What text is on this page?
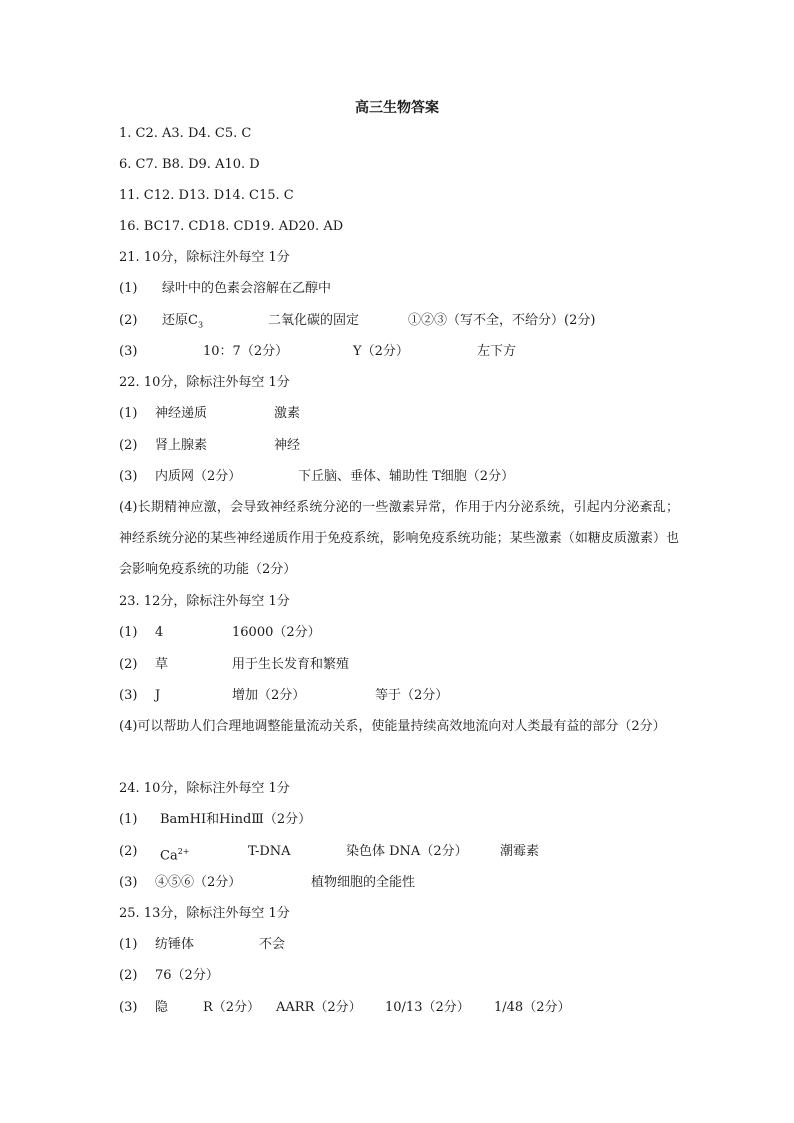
高三生物答案
1. C2. A3. D4. C5. C
6. C7. B8. D9. A10. D
11. C12. D13. D14. C15. C
16. BC17. CD18. CD19. AD20. AD
21. 10分，除标注外每空 1分
(1) 绿叶中的色素会溶解在乙醇中
(2) 还原$C_3$	二氧化碳的固定	①②③（写不全，不给分）(2分)
(3)	10：7（2分）	Y（2分）	左下方
22. 10分，除标注外每空 1分
(1) 神经递质	激素
(2) 肾上腺素	神经
(3) 内质网（2分）	下丘脑、垂体、辅助性 T细胞（2分）
(4)长期精神应激，会导致神经系统分泌的一些激素异常，作用于内分泌系统，引起内分泌紊乱；神经系统分泌的某些神经递质作用于免疫系统，影响免疫系统功能；某些激素（如糖皮质激素）也会影响免疫系统的功能（2分）
23. 12分，除标注外每空 1分
(1) 4	16000（2分）
(2) 草	用于生长发育和繁殖
(3) J	增加（2分）	等于（2分）
(4)可以帮助人们合理地调整能量流动关系，使能量持续高效地流向对人类最有益的部分（2分）
24. 10分，除标注外每空 1分
(1) BamHⅠ和HindⅢ（2分）
(2) $Ca^{2+}$	T-DNA	染色体 DNA（2分） 潮霉素
(3) ④⑤⑥（2分）	植物细胞的全能性
25. 13分，除标注外每空 1分
(1) 纺锤体	不会
(2) 76（2分）
(3) 隐	R（2分） AARR（2分） 10/13（2分） 1/48（2分）
